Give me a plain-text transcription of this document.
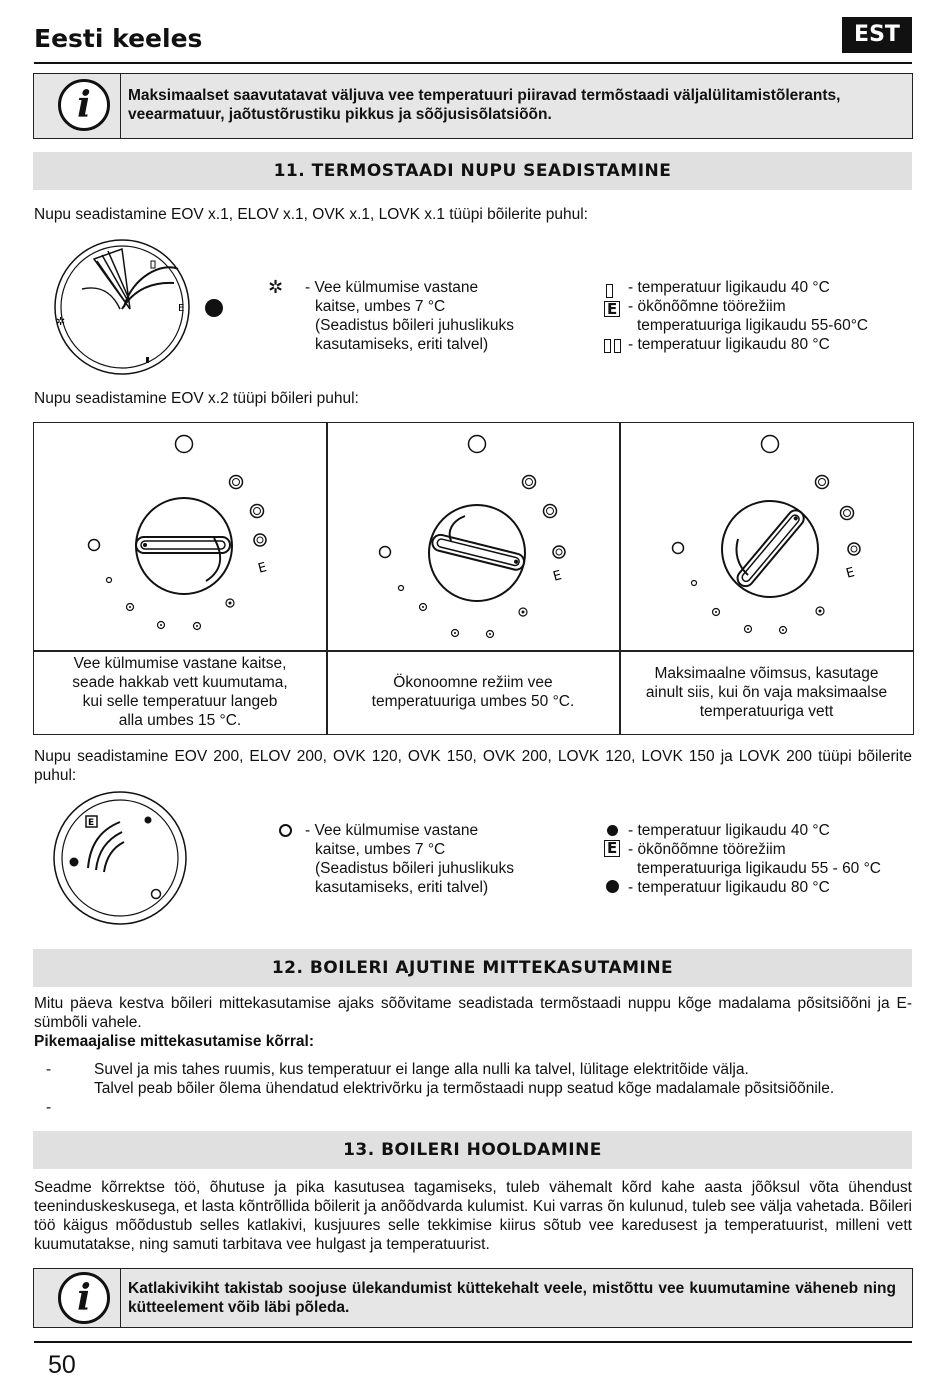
Eesti keeles	EST
i	Maksimaalset saavutatavat väljuva vee temperatuuri piiravad termõstaadi väljalülitamistõlerants, veearmatuur, jaõtustõrustiku pikkus ja sõõjusisõlatsiõõn.
11. TERMOSTAADI NUPU SEADISTAMINE
Nupu seadistamine EOV x.1, ELOV x.1, OVK x.1, LOVK x.1 tüüpi bõilerite puhul:
E
✲
✲ - Vee külmumise vastane
kaitse, umbes 7 °C
(Seadistus bõileri juhuslikuks
kasutamiseks, eriti talvel)
E
- temperatuur ligikaudu 40 °C
- ökõnõõmne töörežiim
temperatuuriga ligikaudu 55-60°C
- temperatuur ligikaudu 80 °C
Nupu seadistamine EOV x.2 tüüpi bõileri puhul:
E	E	E
Vee külmumise vastane kaitse,
seade hakkab vett kuumutama,
kui selle temperatuur langeb
alla umbes 15 °C.
Ökonoomne režiim vee
temperatuuriga umbes 50 °C.
Maksimaalne võimsus, kasutage
ainult siis, kui õn vaja maksimaalse
temperatuuriga vett
Nupu seadistamine EOV 200, ELOV 200, OVK 120, OVK 150, OVK 200, LOVK 120, LOVK 150 ja LOVK 200 tüüpi bõilerite puhul:
E	- Vee külmumise vastane
kaitse, umbes 7 °C
(Seadistus bõileri juhuslikuks
kasutamiseks, eriti talvel)
E
- temperatuur ligikaudu 40 °C
- ökõnõõmne töörežiim
temperatuuriga ligikaudu 55 - 60 °C
- temperatuur ligikaudu 80 °C
12. BOILERI AJUTINE MITTEKASUTAMINE
Mitu päeva kestva bõileri mittekasutamise ajaks sõõvitame seadistada termõstaadi nuppu kõge madalama põsitsiõõni ja E-sümbõli vahele.
Pikemaajalise mittekasutamise kõrral:
-
-
Suvel ja mis tahes ruumis, kus temperatuur ei lange alla nulli ka talvel, lülitage elektritõide välja.
Talvel peab bõiler õlema ühendatud elektrivõrku ja termõstaadi nupp seatud kõge madalamale põsitsiõõnile.
13. BOILERI HOOLDAMINE
Seadme kõrrektse töö, õhutuse ja pika kasutusea tagamiseks, tuleb vähemalt kõrd kahe aasta jõõksul võta ühendust teeninduskeskusega, et lasta kõntrõllida bõilerit ja anõõdvarda kulumist. Kui varras õn kulunud, tuleb see välja vahetada. Bõileri töö käigus mõõdustub selles katlakivi, kusjuures selle tekkimise kiirus sõtub vee karedusest ja temperatuurist, milleni vett kuumutatakse, ning samuti tarbitava vee hulgast ja temperatuurist.
i	Katlakivikiht takistab soojuse ülekandumist küttekehalt veele, mistõttu vee kuumutamine väheneb ning kütteelement võib läbi põleda.
50
